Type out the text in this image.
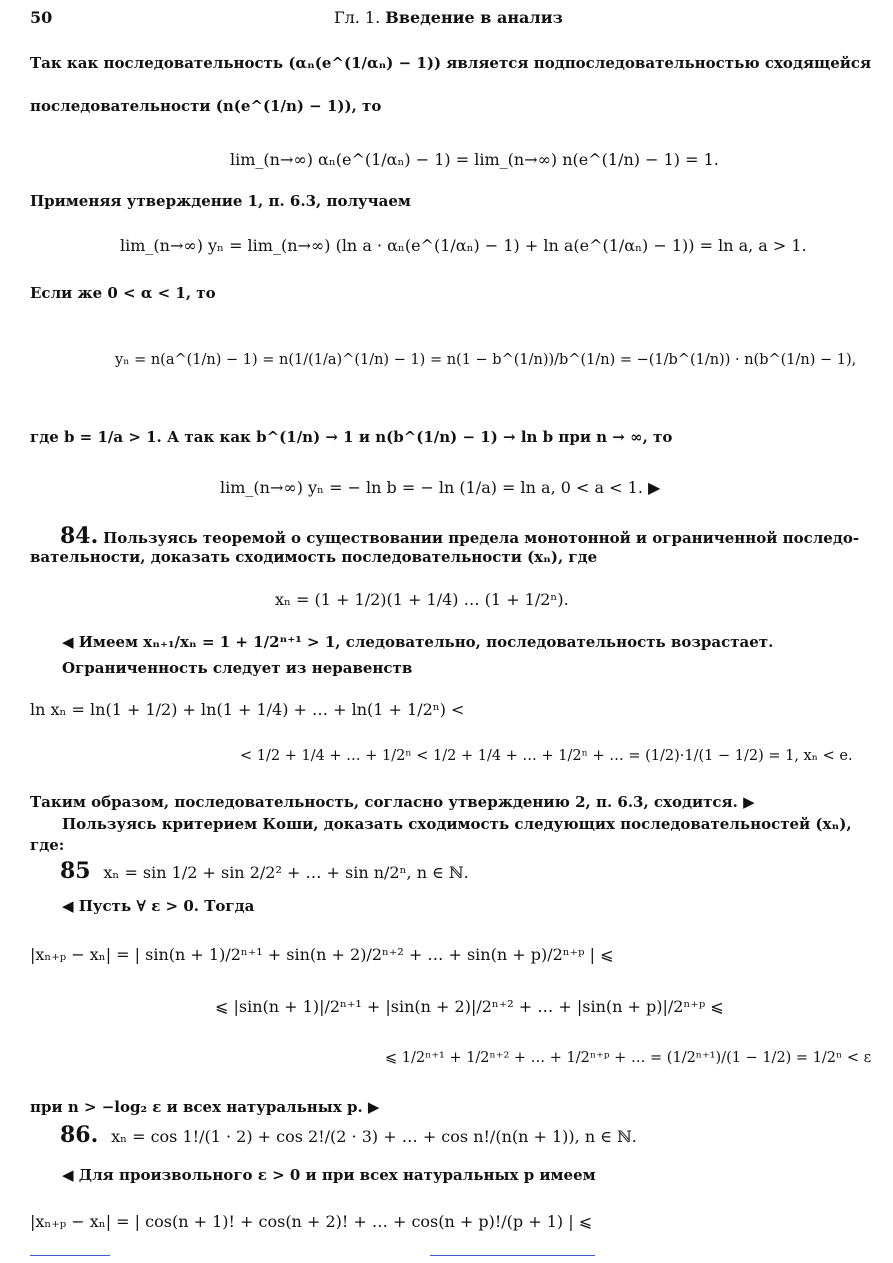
50	Гл. 1. Введение в анализ
Так как последовательность (αₙ(e^(1/αₙ) − 1)) является подпоследовательностью сходящейся
последовательности (n(e^(1/n) − 1)), то
lim_(n→∞) αₙ(e^(1/αₙ) − 1) = lim_(n→∞) n(e^(1/n) − 1) = 1.
Применяя утверждение 1, п. 6.3, получаем
lim_(n→∞) yₙ = lim_(n→∞) (ln a · αₙ(e^(1/αₙ) − 1) + ln a(e^(1/αₙ) − 1)) = ln a, a > 1.
Если же 0 < α < 1, то
yₙ = n(a^(1/n) − 1) = n(1/(1/a)^(1/n) − 1) = n(1 − b^(1/n))/b^(1/n) = −(1/b^(1/n)) · n(b^(1/n) − 1),
где b = 1/a > 1. А так как b^(1/n) → 1 и n(b^(1/n) − 1) → ln b при n → ∞, то
lim_(n→∞) yₙ = − ln b = − ln (1/a) = ln a, 0 < a < 1. ▶
84. Пользуясь теоремой о существовании предела монотонной и ограниченной последо-
вательности, доказать сходимость последовательности (xₙ), где
xₙ = (1 + 1/2)(1 + 1/4) … (1 + 1/2ⁿ).
◀ Имеем xₙ₊₁/xₙ = 1 + 1/2ⁿ⁺¹ > 1, следовательно, последовательность возрастает.
Ограниченность следует из неравенств
ln xₙ = ln(1 + 1/2) + ln(1 + 1/4) + … + ln(1 + 1/2ⁿ) <
< 1/2 + 1/4 + … + 1/2ⁿ < 1/2 + 1/4 + … + 1/2ⁿ + … = (1/2)·1/(1 − 1/2) = 1, xₙ < e.
Таким образом, последовательность, согласно утверждению 2, п. 6.3, сходится. ▶
Пользуясь критерием Коши, доказать сходимость следующих последовательностей (xₙ),
где:
85 xₙ = sin 1/2 + sin 2/2² + … + sin n/2ⁿ, n ∈ ℕ.
◀ Пусть ∀ ε > 0. Тогда
|xₙ₊ₚ − xₙ| = | sin(n + 1)/2ⁿ⁺¹ + sin(n + 2)/2ⁿ⁺² + … + sin(n + p)/2ⁿ⁺ᵖ | ⩽
⩽ |sin(n + 1)|/2ⁿ⁺¹ + |sin(n + 2)|/2ⁿ⁺² + … + |sin(n + p)|/2ⁿ⁺ᵖ ⩽
⩽ 1/2ⁿ⁺¹ + 1/2ⁿ⁺² + … + 1/2ⁿ⁺ᵖ + … = (1/2ⁿ⁺¹)/(1 − 1/2) = 1/2ⁿ < ε
при n > −log₂ ε и всех натуральных p. ▶
86. xₙ = cos 1!/(1 · 2) + cos 2!/(2 · 3) + … + cos n!/(n(n + 1)), n ∈ ℕ.
◀ Для произвольного ε > 0 и при всех натуральных p имеем
|xₙ₊ₚ − xₙ| = | cos(n + 1)! + cos(n + 2)! + … + cos(n + p)!/(p + 1) | ⩽
